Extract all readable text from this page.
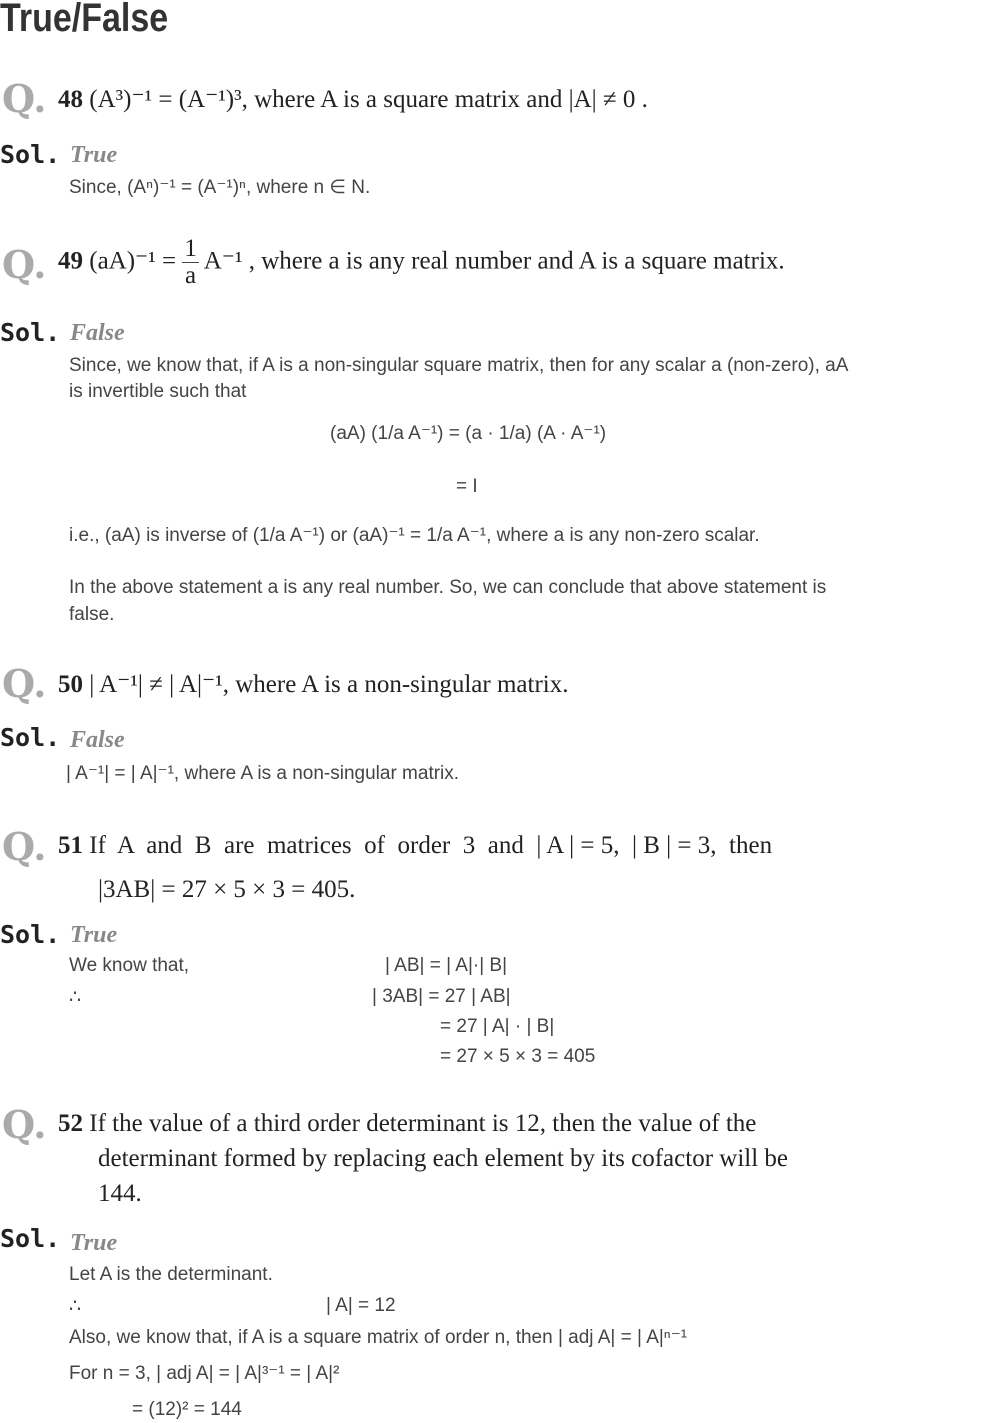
True/False
Q. 48 (A³)⁻¹ = (A⁻¹)³, where A is a square matrix and |A| ≠ 0 .
Sol. True
Since, (Aⁿ)⁻¹ = (A⁻¹)ⁿ, where n ∈ N.
Q. 49 $(aA)^{-1} = \frac{1}{a} A^{-1}$ , where a is any real number and A is a square matrix.
Sol. False
Since, we know that, if A is a non-singular square matrix, then for any scalar a (non-zero), aA
is invertible such that
(aA) (1/a A⁻¹) = (a · 1/a) (A · A⁻¹)
= I
i.e., (aA) is inverse of (1/a A⁻¹) or (aA)⁻¹ = 1/a A⁻¹, where a is any non-zero scalar.
In the above statement a is any real number. So, we can conclude that above statement is
false.
Q. 50 | A⁻¹| ≠ | A|⁻¹, where A is a non-singular matrix.
Sol. False
| A⁻¹| = | A|⁻¹, where A is a non-singular matrix.
Q. 51 If  A  and  B  are  matrices  of  order  3  and  | A | = 5,  | B | = 3,  then
|3AB| = 27 × 5 × 3 = 405.
Sol. True
We know that,	| AB| = | A|·| B|
∴	| 3AB| = 27 | AB|
= 27 | A| · | B|
= 27 × 5 × 3 = 405
Q. 52 If the value of a third order determinant is 12, then the value of the
determinant formed by replacing each element by its cofactor will be
144.
Sol. True
Let A is the determinant.
∴	| A| = 12
Also, we know that, if A is a square matrix of order n, then | adj A| = | A|ⁿ⁻¹
For n = 3, | adj A| = | A|³⁻¹ = | A|²
= (12)² = 144
